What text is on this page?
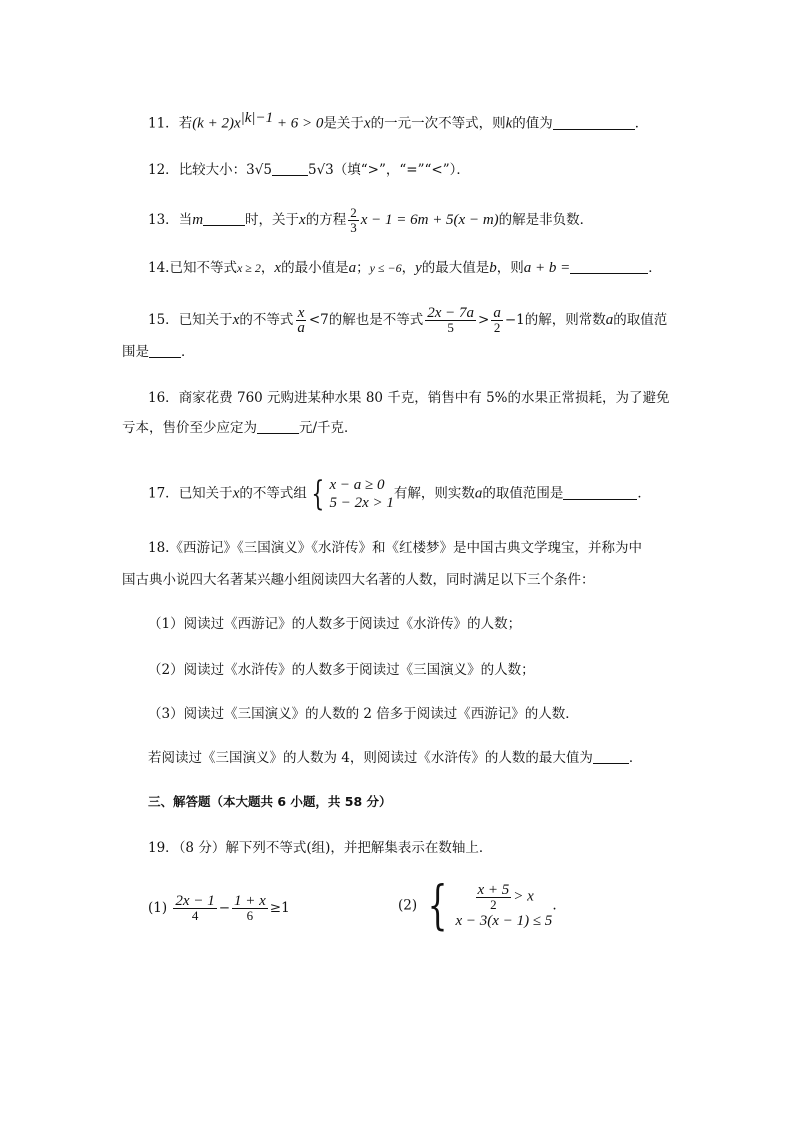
11．若$(k + 2)x^{|k|-1} + 6 > 0$是关于x的一元一次不等式，则k的值为	．
12．比较大小：3√5	5√3（填“>”，“=”“<”）．
13．当m	时，关于x的方程 $\frac{2}{3}$ x − 1 = 6m + 5(x − m)的解是非负数．
14.已知不等式x ≥ 2，x的最小值是a；y ≤ −6，y的最大值是b，则a + b =	．
15．已知关于x的不等式 $\frac{x}{a} <7$的解也是不等式 $\frac{2x - 7a}{5} > \frac{a}{2} -1$的解，则常数a的取值范
围是 ．
16．商家花费 760 元购进某种水果 80 千克，销售中有 5%的水果正常损耗，为了避免
亏本，售价至少应定为	元/千克．
17．已知关于x的不等式组 { x − a ≥ 0
5 − 2x > 1
有解，则实数a的取值范围是	．
18.《西游记》《三国演义》《水浒传》和《红楼梦》是中国古典文学瑰宝，并称为中
国古典小说四大名著某兴趣小组阅读四大名著的人数，同时满足以下三个条件：
（1）阅读过《西游记》的人数多于阅读过《水浒传》的人数；
（2）阅读过《水浒传》的人数多于阅读过《三国演义》的人数；
（3）阅读过《三国演义》的人数的 2 倍多于阅读过《西游记》的人数．
若阅读过《三国演义》的人数为 4，则阅读过《水浒传》的人数的最大值为	．
三、解答题（本大题共 6 小题，共 58 分）
19．（8 分）解下列不等式(组)，并把解集表示在数轴上．
$(1) \frac{2x - 1}{4} - \frac{1 + x}{6} \ge 1$	(2) { $\frac{x + 5}{2} > x$
x − 3(x − 1) ≤ 5
.
